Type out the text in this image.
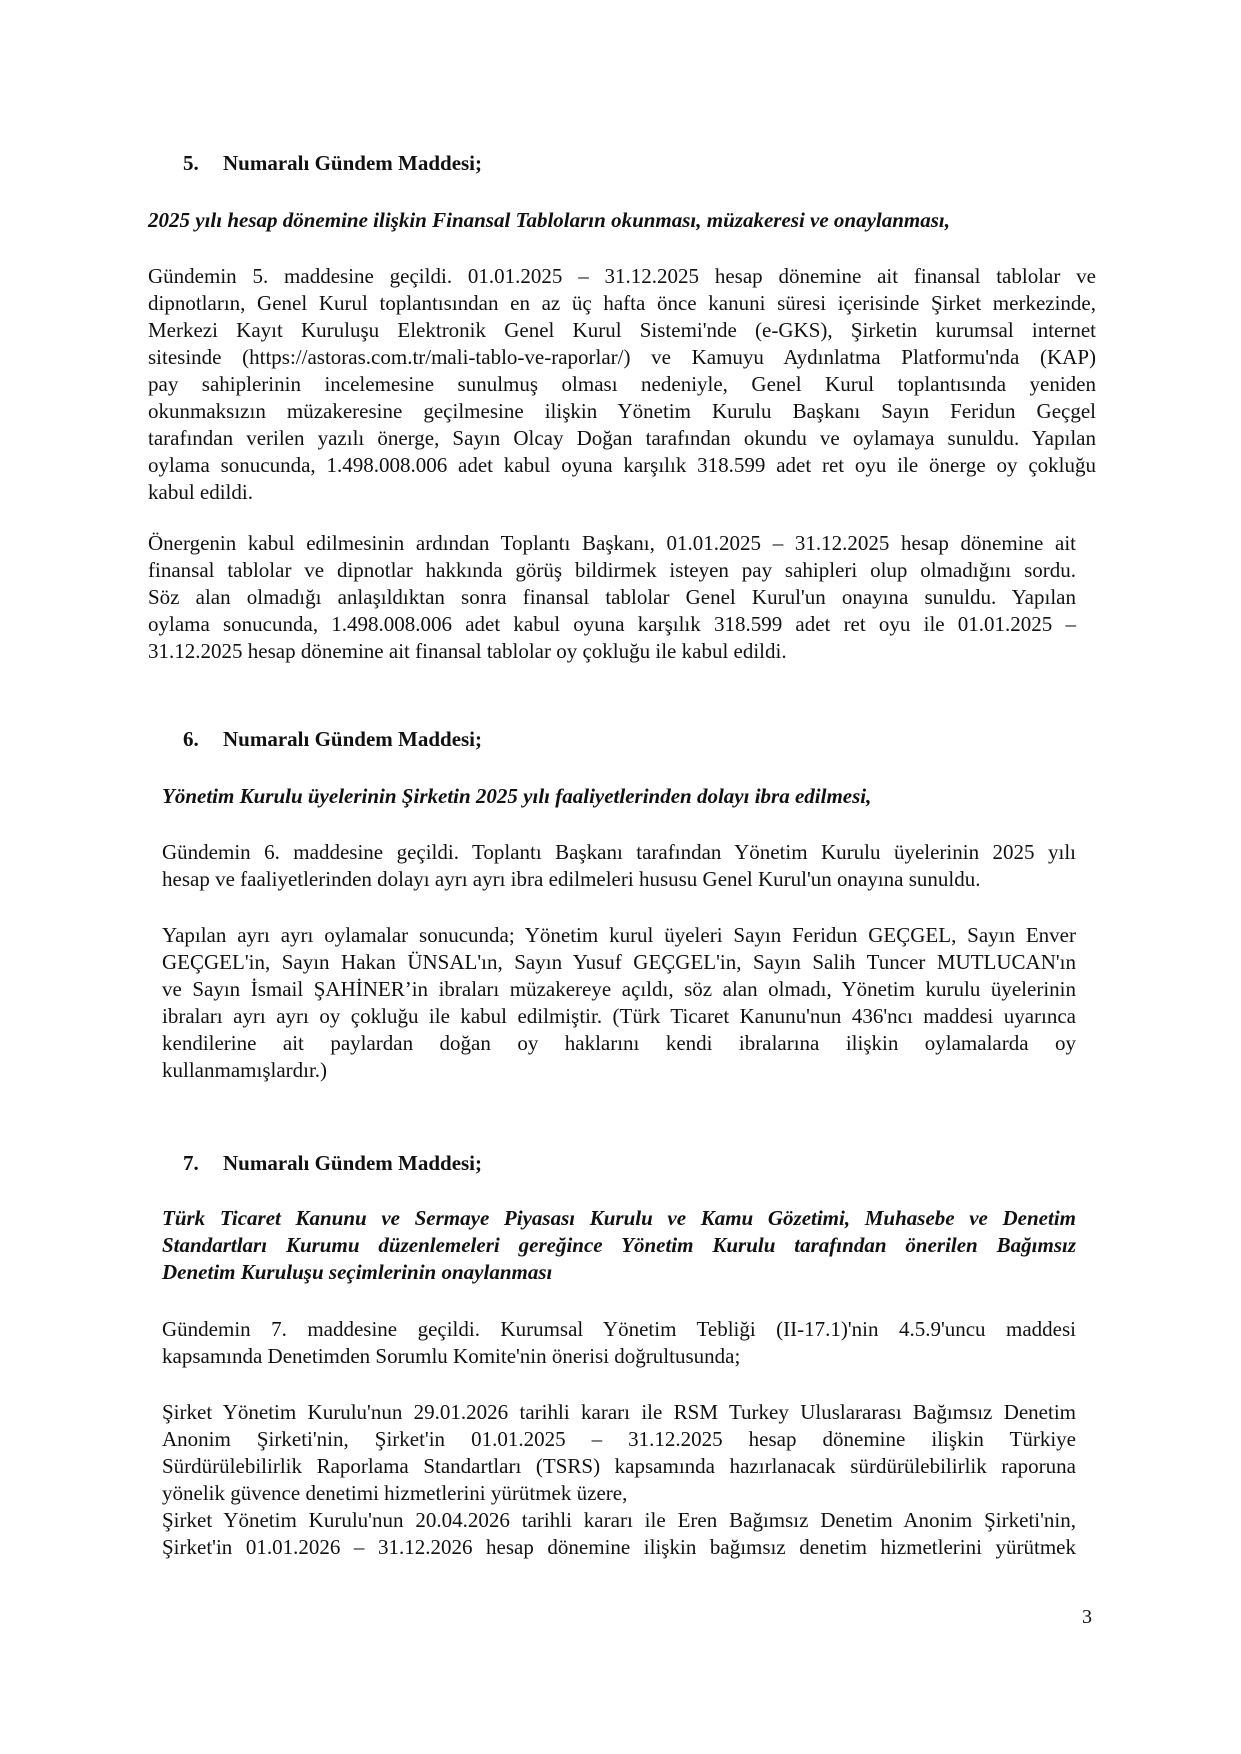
5. Numaralı Gündem Maddesi;

2025 yılı hesap dönemine ilişkin Finansal Tabloların okunması, müzakeresi ve onaylanması,

Gündemin 5. maddesine geçildi. 01.01.2025 – 31.12.2025 hesap dönemine ait finansal tablolar ve
dipnotların, Genel Kurul toplantısından en az üç hafta önce kanuni süresi içerisinde Şirket merkezinde,
Merkezi Kayıt Kuruluşu Elektronik Genel Kurul Sistemi'nde (e-GKS), Şirketin kurumsal internet
sitesinde (https://astoras.com.tr/mali-tablo-ve-raporlar/) ve Kamuyu Aydınlatma Platformu'nda (KAP)
pay sahiplerinin incelemesine sunulmuş olması nedeniyle, Genel Kurul toplantısında yeniden
okunmaksızın müzakeresine geçilmesine ilişkin Yönetim Kurulu Başkanı Sayın Feridun Geçgel
tarafından verilen yazılı önerge, Sayın Olcay Doğan tarafından okundu ve oylamaya sunuldu. Yapılan
oylama sonucunda, 1.498.008.006 adet kabul oyuna karşılık 318.599 adet ret oyu ile önerge oy çokluğu
kabul edildi.
Önergenin kabul edilmesinin ardından Toplantı Başkanı, 01.01.2025 – 31.12.2025 hesap dönemine ait
finansal tablolar ve dipnotlar hakkında görüş bildirmek isteyen pay sahipleri olup olmadığını sordu.
Söz alan olmadığı anlaşıldıktan sonra finansal tablolar Genel Kurul'un onayına sunuldu. Yapılan
oylama sonucunda, 1.498.008.006 adet kabul oyuna karşılık 318.599 adet ret oyu ile 01.01.2025 –
31.12.2025 hesap dönemine ait finansal tablolar oy çokluğu ile kabul edildi.
6. Numaralı Gündem Maddesi;

Yönetim Kurulu üyelerinin Şirketin 2025 yılı faaliyetlerinden dolayı ibra edilmesi,

Gündemin 6. maddesine geçildi. Toplantı Başkanı tarafından Yönetim Kurulu üyelerinin 2025 yılı
hesap ve faaliyetlerinden dolayı ayrı ayrı ibra edilmeleri hususu Genel Kurul'un onayına sunuldu.
Yapılan ayrı ayrı oylamalar sonucunda; Yönetim kurul üyeleri Sayın Feridun GEÇGEL, Sayın Enver
GEÇGEL'in, Sayın Hakan ÜNSAL'ın, Sayın Yusuf GEÇGEL'in, Sayın Salih Tuncer MUTLUCAN'ın
ve Sayın İsmail ŞAHİNER’in ibraları müzakereye açıldı, söz alan olmadı, Yönetim kurulu üyelerinin
ibraları ayrı ayrı oy çokluğu ile kabul edilmiştir. (Türk Ticaret Kanunu'nun 436'ncı maddesi uyarınca
kendilerine ait paylardan doğan oy haklarını kendi ibralarına ilişkin oylamalarda oy
kullanmamışlardır.)
7. Numaralı Gündem Maddesi;
Türk Ticaret Kanunu ve Sermaye Piyasası Kurulu ve Kamu Gözetimi, Muhasebe ve Denetim
Standartları Kurumu düzenlemeleri gereğince Yönetim Kurulu tarafından önerilen Bağımsız
Denetim Kuruluşu seçimlerinin onaylanması
Gündemin 7. maddesine geçildi. Kurumsal Yönetim Tebliği (II-17.1)'nin 4.5.9'uncu maddesi
kapsamında Denetimden Sorumlu Komite'nin önerisi doğrultusunda;
Şirket Yönetim Kurulu'nun 29.01.2026 tarihli kararı ile RSM Turkey Uluslararası Bağımsız Denetim
Anonim Şirketi'nin, Şirket'in 01.01.2025 – 31.12.2025 hesap dönemine ilişkin Türkiye
Sürdürülebilirlik Raporlama Standartları (TSRS) kapsamında hazırlanacak sürdürülebilirlik raporuna
yönelik güvence denetimi hizmetlerini yürütmek üzere,
Şirket Yönetim Kurulu'nun 20.04.2026 tarihli kararı ile Eren Bağımsız Denetim Anonim Şirketi'nin,
Şirket'in 01.01.2026 – 31.12.2026 hesap dönemine ilişkin bağımsız denetim hizmetlerini yürütmek

3
